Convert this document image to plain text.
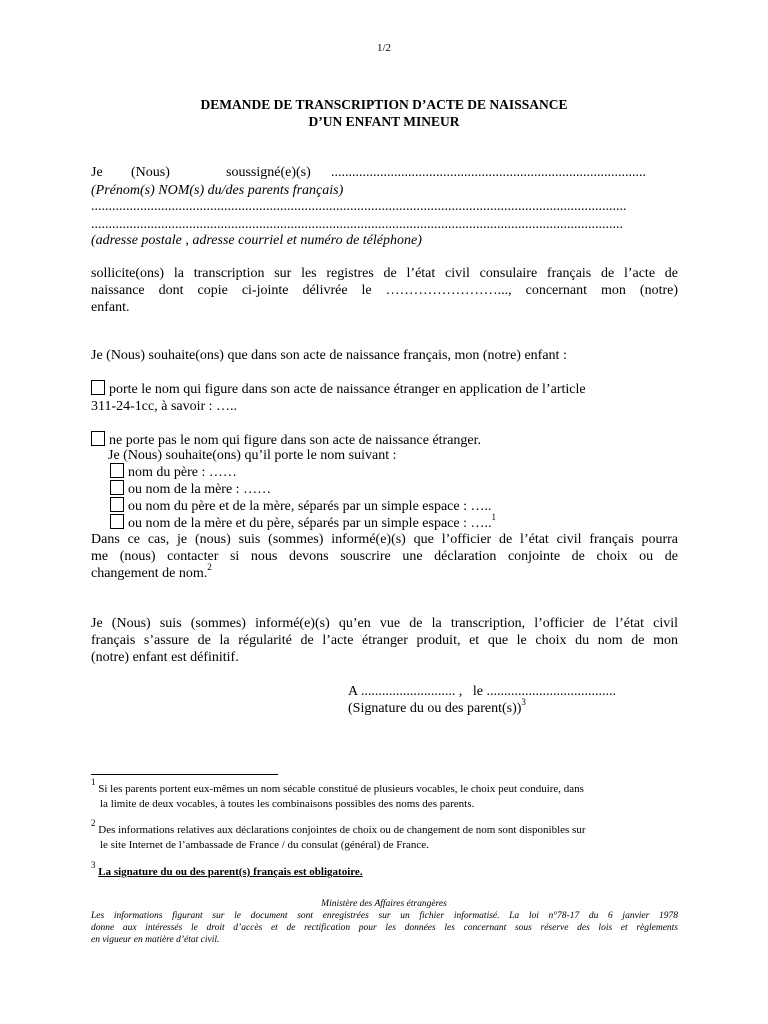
1/2
DEMANDE DE TRANSCRIPTION D’ACTE DE NAISSANCE
D’UN ENFANT MINEUR
Je (Nous)	soussigné(e)(s) ..........................................................................................
(Prénom(s) NOM(s) du/des parents français)
.........................................................................................................................................................
........................................................................................................................................................
(adresse postale , adresse courriel et numéro de téléphone)
sollicite(ons) la transcription sur les registres de l’état civil consulaire français de l’acte de
naissance dont copie ci-jointe délivrée le ……………………..., concernant mon (notre)
enfant.
Je (Nous) souhaite(ons) que dans son acte de naissance français, mon (notre) enfant :
porte le nom qui figure dans son acte de naissance étranger en application de l’article
311-24-1cc, à savoir : …..
ne porte pas le nom qui figure dans son acte de naissance étranger.
Je (Nous) souhaite(ons) qu’il porte le nom suivant :
nom du père : ……
ou nom de la mère : ……
ou nom du père et de la mère, séparés par un simple espace : …..
ou nom de la mère et du père, séparés par un simple espace : …..$^1$
Dans ce cas, je (nous) suis (sommes) informé(e)(s) que l’officier de l’état civil français pourra
me (nous) contacter si nous devons souscrire une déclaration conjointe de choix ou de
changement de nom.$^2$
Je (Nous) suis (sommes) informé(e)(s) qu’en vue de la transcription, l’officier de l’état civil
français s’assure de la régularité de l’acte étranger produit, et que le choix du nom de mon
(notre) enfant est définitif.
A ........................... ,   le .....................................
(Signature du ou des parent(s))$^3$
$^1$ Si les parents portent eux-mêmes un nom sécable constitué de plusieurs vocables, le choix peut conduire, dans
la limite de deux vocables, à toutes les combinaisons possibles des noms des parents.
$^2$ Des informations relatives aux déclarations conjointes de choix ou de changement de nom sont disponibles sur
le site Internet de l’ambassade de France / du consulat (général) de France.
$^3$ La signature du ou des parent(s) français est obligatoire.
Ministère des Affaires étrangères
Les informations figurant sur le document sont enregistrées sur un fichier informatisé. La loi n°78-17 du 6 janvier 1978
donne aux intéressés le droit d’accès et de rectification pour les données les concernant sous réserve des lois et règlements
en vigueur en matière d’état civil.
